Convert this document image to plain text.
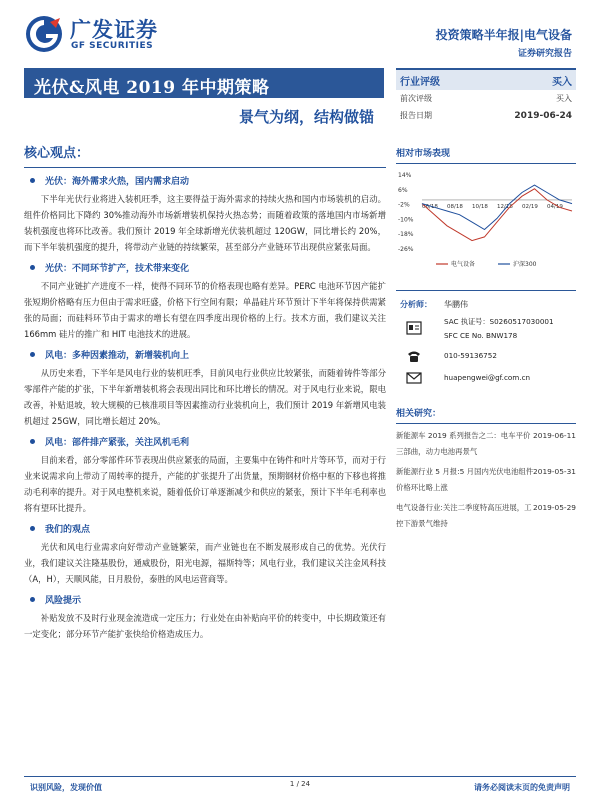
广发证券
GF SECURITIES
投资策略半年报|电气设备
证券研究报告
光伏&风电 2019 年中期策略
景气为纲，结构做锚
核心观点：
光伏：海外需求火热，国内需求启动

下半年光伏行业将进入装机旺季，这主要得益于海外需求的持续火热和国内市场装机的启动。组件价格同比下降约 30%推动海外市场新增装机保持火热态势；而随着政策的落地国内市场新增装机强度也将环比改善。我们预计 2019 年全球新增光伏装机超过 120GW，同比增长约 20%，而下半年装机强度的提升，将带动产业链的持续繁荣，甚至部分产业链环节出现供应紧张局面。

光伏：不同环节扩产，技术带来变化

不同产业链扩产进度不一样，使得不同环节的价格表现也略有差异。PERC 电池环节因产能扩张短期价格略有压力但由于需求旺盛，价格下行空间有限；单晶硅片环节预计下半年将保持供需紧张的局面；而硅料环节由于需求的增长有望在四季度出现价格的上行。技术方面，我们建议关注 166mm 硅片的推广和 HIT 电池技术的进展。

风电：多种因素推动，新增装机向上

从历史来看，下半年是风电行业的装机旺季，目前风电行业供应比较紧张，而随着铸件等部分零部件产能的扩张，下半年新增装机将会表现出同比和环比增长的情况。对于风电行业来说，限电改善，补贴退坡，较大规模的已核准项目等因素推动行业装机向上，我们预计 2019 年新增风电装机超过 25GW，同比增长超过 20%。

风电：部件排产紧张，关注风机毛利

目前来看，部分零部件环节表现出供应紧张的局面，主要集中在铸件和叶片等环节，而对于行业来说需求向上带动了周转率的提升，产能的扩张提升了出货量，预期钢材价格中枢的下移也将推动毛利率的提升。对于风电整机来说，随着低价订单逐渐减少和供应的紧张，预计下半年毛利率也将有望环比提升。

我们的观点

光伏和风电行业需求向好带动产业链繁荣，而产业链也在不断发展形成自己的优势。光伏行业，我们建议关注隆基股份，通威股份，阳光电源，福斯特等；风电行业，我们建议关注金风科技（A，H），天顺风能，日月股份，泰胜的风电运营商等。

风险提示

补贴发放不及时行业现金流造成一定压力；行业处在由补贴向平价的转变中，中长期政策还有一定变化；部分环节产能扩张快给价格造成压力。

行业评级	买入
前次评级	买入
报告日期	2019-06-24
相对市场表现
14%
6%
-2%
-10%
-18%
-26%
06/18 08/18 10/18 12/18 02/19 04/19
电气设备	沪深300
分析师： 华鹏伟
SAC 执证号：S0260517030001
SFC CE No. BNW178
010-59136752
huapengwei@gf.com.cn
相关研究：
新能源车 2019 系列报告之二：电车平价三部曲，动力电池再景气
2019-06-11
新能源行业 5 月报:5 月国内光伏电池组件价格环比略上涨
2019-05-31
电气设备行业:关注二季度特高压进展，工控下游景气维持
2019-05-29
识别风险，发现价值	1 / 24	请务必阅读末页的免责声明
